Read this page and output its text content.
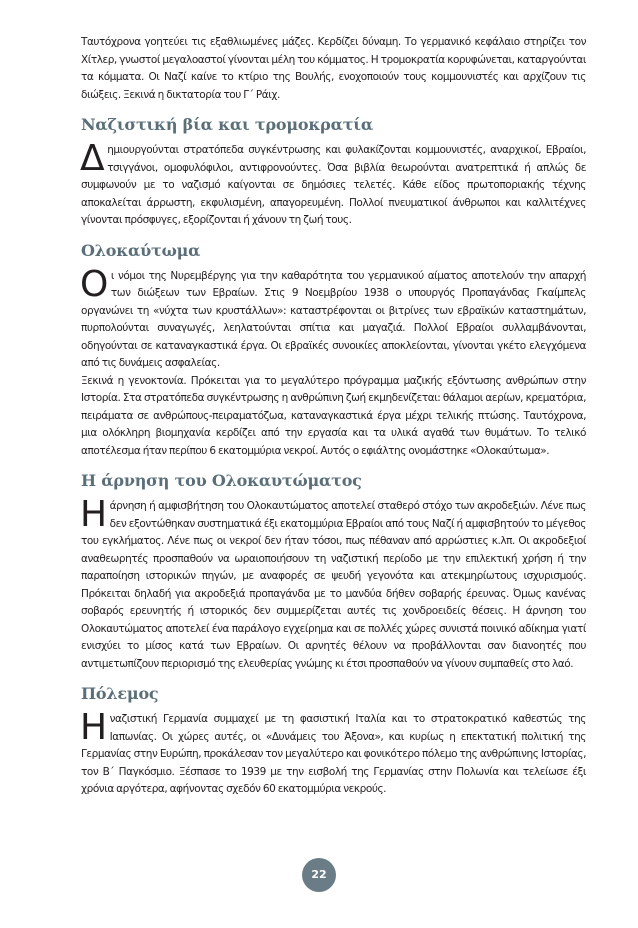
Ταυτόχρονα γοητεύει τις εξαθλιωμένες μάζες. Κερδίζει δύναμη. Το γερμανικό κεφάλαιο στηρίζει τον Χίτλερ, γνωστοί μεγαλοαστοί γίνονται μέλη του κόμματος. Η τρομοκρατία κορυφώνεται, καταργούνται τα κόμματα. Οι Ναζί καίνε το κτίριο της Βουλής, ενοχοποιούν τους κομμουνιστές και αρχίζουν τις διώξεις. Ξεκινά η δικτατορία του Γ΄ Ράιχ.

Ναζιστική βία και τρομοκρατία

Δημιουργούνται στρατόπεδα συγκέντρωσης και φυλακίζονται κομμουνιστές, αναρχικοί, Εβραίοι, τσιγγάνοι, ομοφυλόφιλοι, αντιφρονούντες. Όσα βιβλία θεωρούνται ανατρεπτικά ή απλώς δε συμφωνούν με το ναζισμό καίγονται σε δημόσιες τελετές. Κάθε είδος πρωτοποριακής τέχνης αποκαλείται άρρωστη, εκφυλισμένη, απαγορευμένη. Πολλοί πνευματικοί άνθρωποι και καλλιτέχνες γίνονται πρόσφυγες, εξορίζονται ή χάνουν τη ζωή τους.

Ολοκαύτωμα

Οι νόμοι της Νυρεμβέργης για την καθαρότητα του γερμανικού αίματος αποτελούν την απαρχή των διώξεων των Εβραίων. Στις 9 Νοεμβρίου 1938 ο υπουργός Προπαγάνδας Γκαίμπελς οργανώνει τη «νύχτα των κρυστάλλων»: καταστρέφονται οι βιτρίνες των εβραϊκών καταστημάτων, πυρπολούνται συναγωγές, λεηλατούνται σπίτια και μαγαζιά. Πολλοί Εβραίοι συλλαμβάνονται, οδηγούνται σε καταναγκαστικά έργα. Οι εβραϊκές συνοικίες αποκλείονται, γίνονται γκέτο ελεγχόμενα από τις δυνάμεις ασφαλείας.

Ξεκινά η γενοκτονία. Πρόκειται για το μεγαλύτερο πρόγραμμα μαζικής εξόντωσης ανθρώπων στην Ιστορία. Στα στρατόπεδα συγκέντρωσης η ανθρώπινη ζωή εκμηδενίζεται: θάλαμοι αερίων, κρεματόρια, πειράματα σε ανθρώπους-πειραματόζωα, καταναγκαστικά έργα μέχρι τελικής πτώσης. Ταυτόχρονα, μια ολόκληρη βιομηχανία κερδίζει από την εργασία και τα υλικά αγαθά των θυμάτων. Το τελικό αποτέλεσμα ήταν περίπου 6 εκατομμύρια νεκροί. Αυτός ο εφιάλτης ονομάστηκε «Ολοκαύτωμα».

Η άρνηση του Ολοκαυτώματος

Ηάρνηση ή αμφισβήτηση του Ολοκαυτώματος αποτελεί σταθερό στόχο των ακροδεξιών. Λένε πως δεν εξοντώθηκαν συστηματικά έξι εκατομμύρια Εβραίοι από τους Ναζί ή αμφισβητούν το μέγεθος του εγκλήματος. Λένε πως οι νεκροί δεν ήταν τόσοι, πως πέθαναν από αρρώστιες κ.λπ. Οι ακροδεξιοί αναθεωρητές προσπαθούν να ωραιοποιήσουν τη ναζιστική περίοδο με την επιλεκτική χρήση ή την παραποίηση ιστορικών πηγών, με αναφορές σε ψευδή γεγονότα και ατεκμηρίωτους ισχυρισμούς. Πρόκειται δηλαδή για ακροδεξιά προπαγάνδα με το μανδύα δήθεν σοβαρής έρευνας. Όμως κανένας σοβαρός ερευνητής ή ιστορικός δεν συμμερίζεται αυτές τις χονδροειδείς θέσεις. Η άρνηση του Ολοκαυτώματος αποτελεί ένα παράλογο εγχείρημα και σε πολλές χώρες συνιστά ποινικό αδίκημα γιατί ενισχύει το μίσος κατά των Εβραίων. Οι αρνητές θέλουν να προβάλλονται σαν διανοητές που αντιμετωπίζουν περιορισμό της ελευθερίας γνώμης κι έτσι προσπαθούν να γίνουν συμπαθείς στο λαό.

Πόλεμος

Ηναζιστική Γερμανία συμμαχεί με τη φασιστική Ιταλία και το στρατοκρατικό καθεστώς της Ιαπωνίας. Οι χώρες αυτές, οι «Δυνάμεις του Άξονα», και κυρίως η επεκτατική πολιτική της Γερμανίας στην Ευρώπη, προκάλεσαν τον μεγαλύτερο και φονικότερο πόλεμο της ανθρώπινης Ιστορίας, τον Β΄ Παγκόσμιο. Ξέσπασε το 1939 με την εισβολή της Γερμανίας στην Πολωνία και τελείωσε έξι χρόνια αργότερα, αφήνοντας σχεδόν 60 εκατομμύρια νεκρούς.

22
